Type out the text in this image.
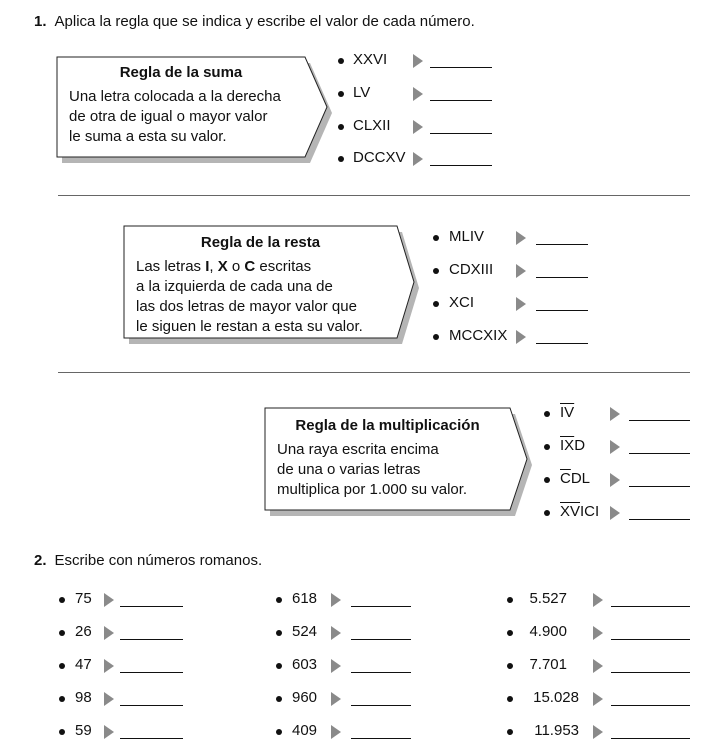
1. Aplica la regla que se indica y escribe el valor de cada número.
Regla de la suma
Una letra colocada a la derecha
de otra de igual o mayor valor
le suma a esta su valor.
XXVI
LV
CLXII
DCCXV
Regla de la resta
Las letras I, X o C escritas
a la izquierda de cada una de
las dos letras de mayor valor que
le siguen le restan a esta su valor.
MLIV
CDXIII
XCI
MCCXIX
Regla de la multiplicación
Una raya escrita encima
de una o varias letras
multiplica por 1.000 su valor.
$\overline{IV}$
$\overline{IX}D$
$\overline{C}DL$
$\overline{XV}ICI$
2. Escribe con números romanos.
75
26
47
98
59
618
524
603
960
409
5.527
4.900
7.701
15.028
11.953
